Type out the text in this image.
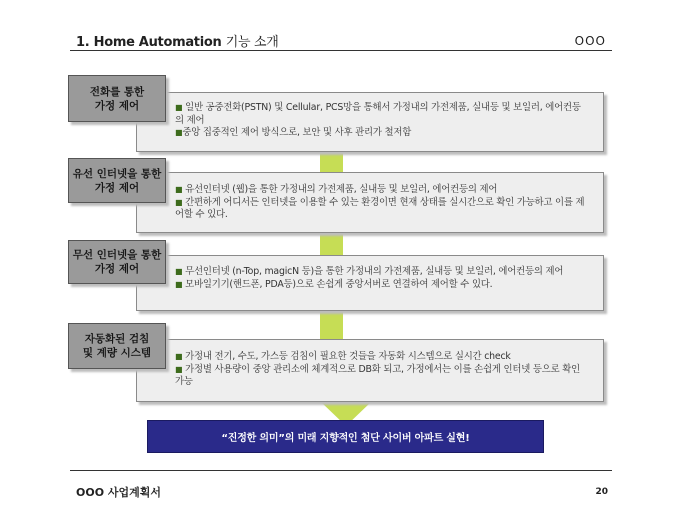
1. Home Automation 기능 소개	OOO

■ 일반 공중전화(PSTN) 및 Cellular, PCS망을 통해서 가정내의 가전제품, 실내등 및 보일러, 에어컨등의 제어

■중앙 집중적인 제어 방식으로, 보안 및 사후 관리가 철저함

전화를 통한
가정 제어

■ 유선인터넷 (웹)을 통한 가정내의 가전제품, 실내등 및 보일러, 에어컨등의 제어

■ 간편하게 어디서든 인터넷을 이용할 수 있는 환경이면 현재 상태를 실시간으로 확인 가능하고 이를 제어할 수 있다.

유선 인터넷을 통한
가정 제어

■ 무선인터넷 (n-Top, magicN 등)을 통한 가정내의 가전제품, 실내등 및 보일러, 에어컨등의 제어

■ 모바일기기(핸드폰, PDA등)으로 손쉽게 중앙서버로 연결하여 제어할 수 있다.

무선 인터넷을 통한
가정 제어

■ 가정내 전기, 수도, 가스등 검침이 필요한 것들을 자동화 시스템으로 실시간 check

■ 가정별 사용량이 중앙 관리소에 체계적으로 DB화 되고, 가정에서는 이를 손쉽게 인터넷 등으로 확인 가능

자동화된 검침
및 계량 시스템
“진정한 의미”의 미래 지향적인 첨단 사이버 아파트 실현!
OOO 사업계획서	20
